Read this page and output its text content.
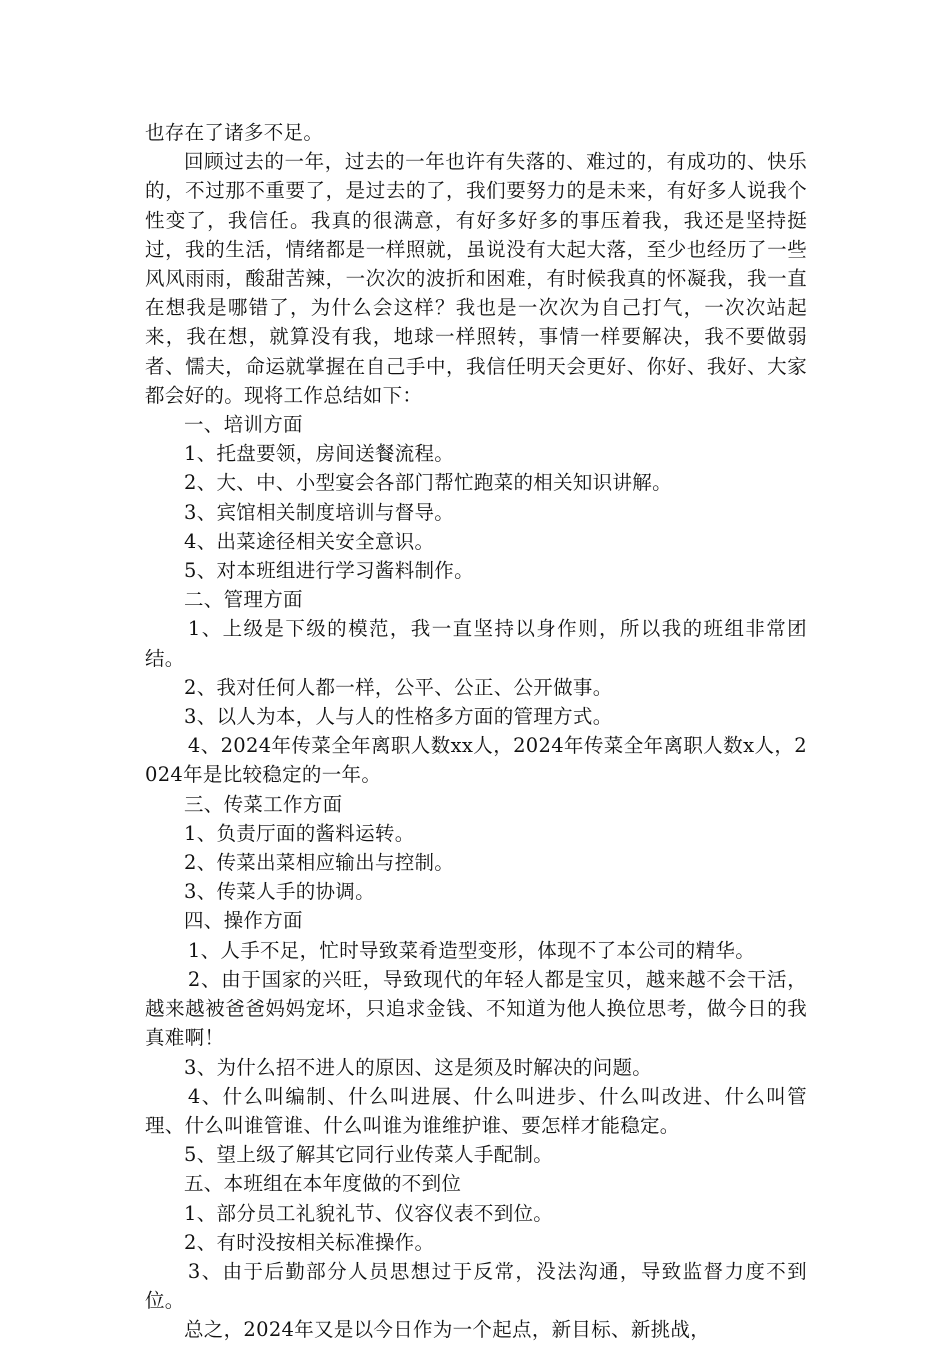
也存在了诸多不足。

回顾过去的一年，过去的一年也许有失落的、难过的，有成功的、快乐的，不过那不重要了，是过去的了，我们要努力的是未来，有好多人说我个性变了，我信任。我真的很满意，有好多好多的事压着我，我还是坚持挺过，我的生活，情绪都是一样照就，虽说没有大起大落，至少也经历了一些风风雨雨，酸甜苦辣，一次次的波折和困难，有时候我真的怀凝我，我一直在想我是哪错了，为什么会这样？我也是一次次为自己打气，一次次站起来，我在想，就算没有我，地球一样照转，事情一样要解决，我不要做弱者、懦夫，命运就掌握在自己手中，我信任明天会更好、你好、我好、大家都会好的。现将工作总结如下：

一、培训方面

1、托盘要领，房间送餐流程。

2、大、中、小型宴会各部门帮忙跑菜的相关知识讲解。

3、宾馆相关制度培训与督导。

4、出菜途径相关安全意识。

5、对本班组进行学习酱料制作。

二、管理方面

1、上级是下级的模范，我一直坚持以身作则，所以我的班组非常团结。

2、我对任何人都一样，公平、公正、公开做事。

3、以人为本，人与人的性格多方面的管理方式。

4、2024年传菜全年离职人数xx人，2024年传菜全年离职人数x人，2024年是比较稳定的一年。

三、传菜工作方面

1、负责厅面的酱料运转。

2、传菜出菜相应输出与控制。

3、传菜人手的协调。

四、操作方面

1、人手不足，忙时导致菜肴造型变形，体现不了本公司的精华。

2、由于国家的兴旺，导致现代的年轻人都是宝贝，越来越不会干活，越来越被爸爸妈妈宠坏，只追求金钱、不知道为他人换位思考，做今日的我真难啊！

3、为什么招不进人的原因、这是须及时解决的问题。

4、什么叫编制、什么叫进展、什么叫进步、什么叫改进、什么叫管理、什么叫谁管谁、什么叫谁为谁维护谁、要怎样才能稳定。

5、望上级了解其它同行业传菜人手配制。

五、本班组在本年度做的不到位

1、部分员工礼貌礼节、仪容仪表不到位。

2、有时没按相关标准操作。

3、由于后勤部分人员思想过于反常，没法沟通，导致监督力度不到位。

总之，2024年又是以今日作为一个起点，新目标、新挑战，
